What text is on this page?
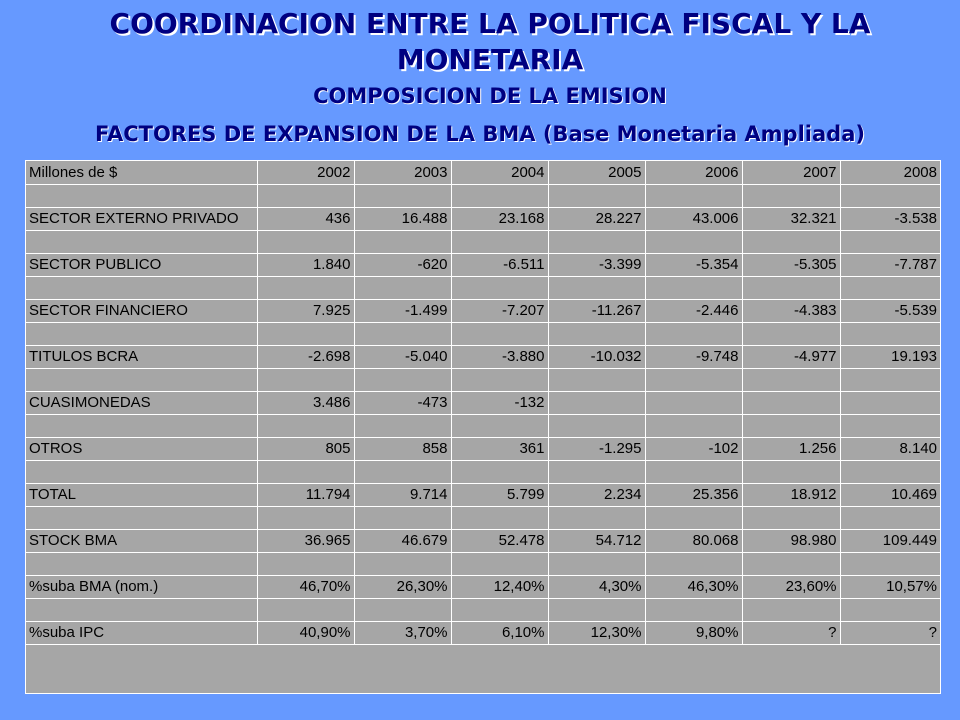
COORDINACION ENTRE LA POLITICA FISCAL Y LA MONETARIA
COMPOSICION DE LA EMISION
FACTORES DE EXPANSION DE LA BMA (Base Monetaria Ampliada)
Millones de $	2002	2003	2004	2005	2006	2007	2008

SECTOR EXTERNO PRIVADO	436	16.488	23.168	28.227	43.006	32.321	-3.538

SECTOR PUBLICO	1.840	-620	-6.511	-3.399	-5.354	-5.305	-7.787

SECTOR FINANCIERO	7.925	-1.499	-7.207	-11.267	-2.446	-4.383	-5.539

TITULOS BCRA	-2.698	-5.040	-3.880	-10.032	-9.748	-4.977	19.193

CUASIMONEDAS	3.486	-473	-132				

OTROS	805	858	361	-1.295	-102	1.256	8.140

TOTAL	11.794	9.714	5.799	2.234	25.356	18.912	10.469

STOCK BMA	36.965	46.679	52.478	54.712	80.068	98.980	109.449

%suba BMA (nom.)	46,70%	26,30%	12,40%	4,30%	46,30%	23,60%	10,57%

%suba IPC	40,90%	3,70%	6,10%	12,30%	9,80%	?	?
